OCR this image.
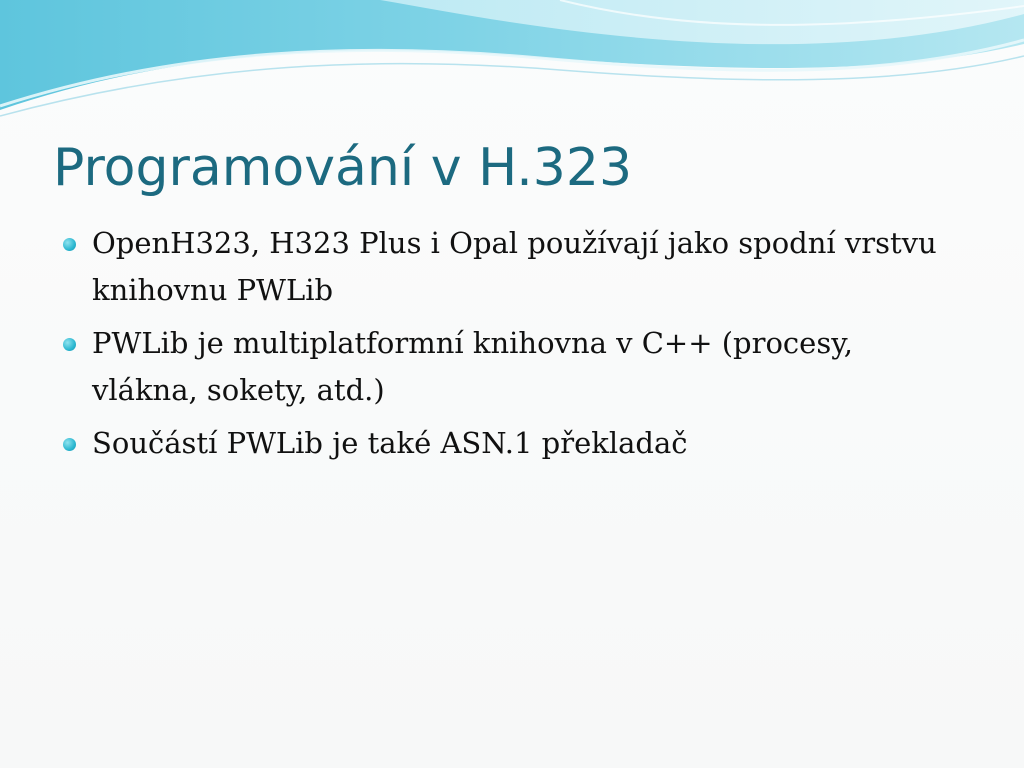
Programování v H.323
OpenH323, H323 Plus i Opal používají jako spodní vrstvu knihovnu PWLib
PWLib je multiplatformní knihovna v C++ (procesy, vlákna, sokety, atd.)
Součástí PWLib je také ASN.1 překladač
